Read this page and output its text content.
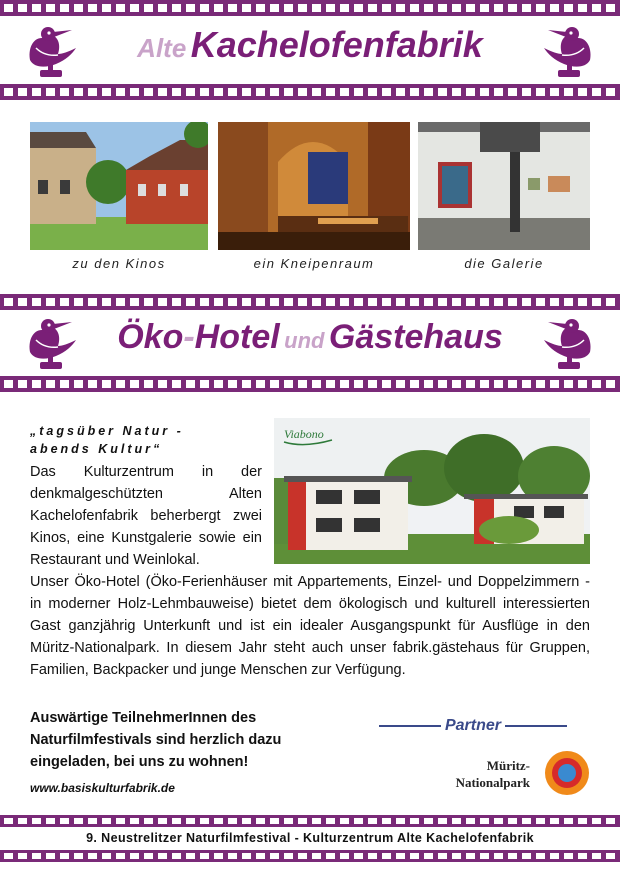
Alte Kachelofenfabrik
zu den Kinos	ein Kneipenraum	die Galerie
Öko-Hotel und Gästehaus
Viabono
„tagsüber Natur -
abends Kultur“
Das Kulturzentrum in der denkmalgeschützten Alten Kachelofenfabrik beherbergt zwei Kinos, eine Kunstgalerie sowie ein Restaurant und Weinlokal.
Unser Öko-Hotel (Öko-Ferienhäuser mit Appartements, Einzel- und Doppelzimmern - in moderner Holz-Lehmbauweise) bietet dem ökologisch und kulturell interessierten Gast ganzjährig Unterkunft und ist ein idealer Ausgangspunkt für Ausflüge in den Müritz-Nationalpark. In diesem Jahr steht auch unser fabrik.gästehaus für Gruppen, Familien, Backpacker und junge Menschen zur Verfügung.
Auswärtige TeilnehmerInnen des Naturfilmfestivals sind herzlich dazu eingeladen, bei uns zu wohnen!
www.basiskulturfabrik.de
Partner
Müritz-
Nationalpark
9. Neustrelitzer Naturfilmfestival - Kulturzentrum Alte Kachelofenfabrik
